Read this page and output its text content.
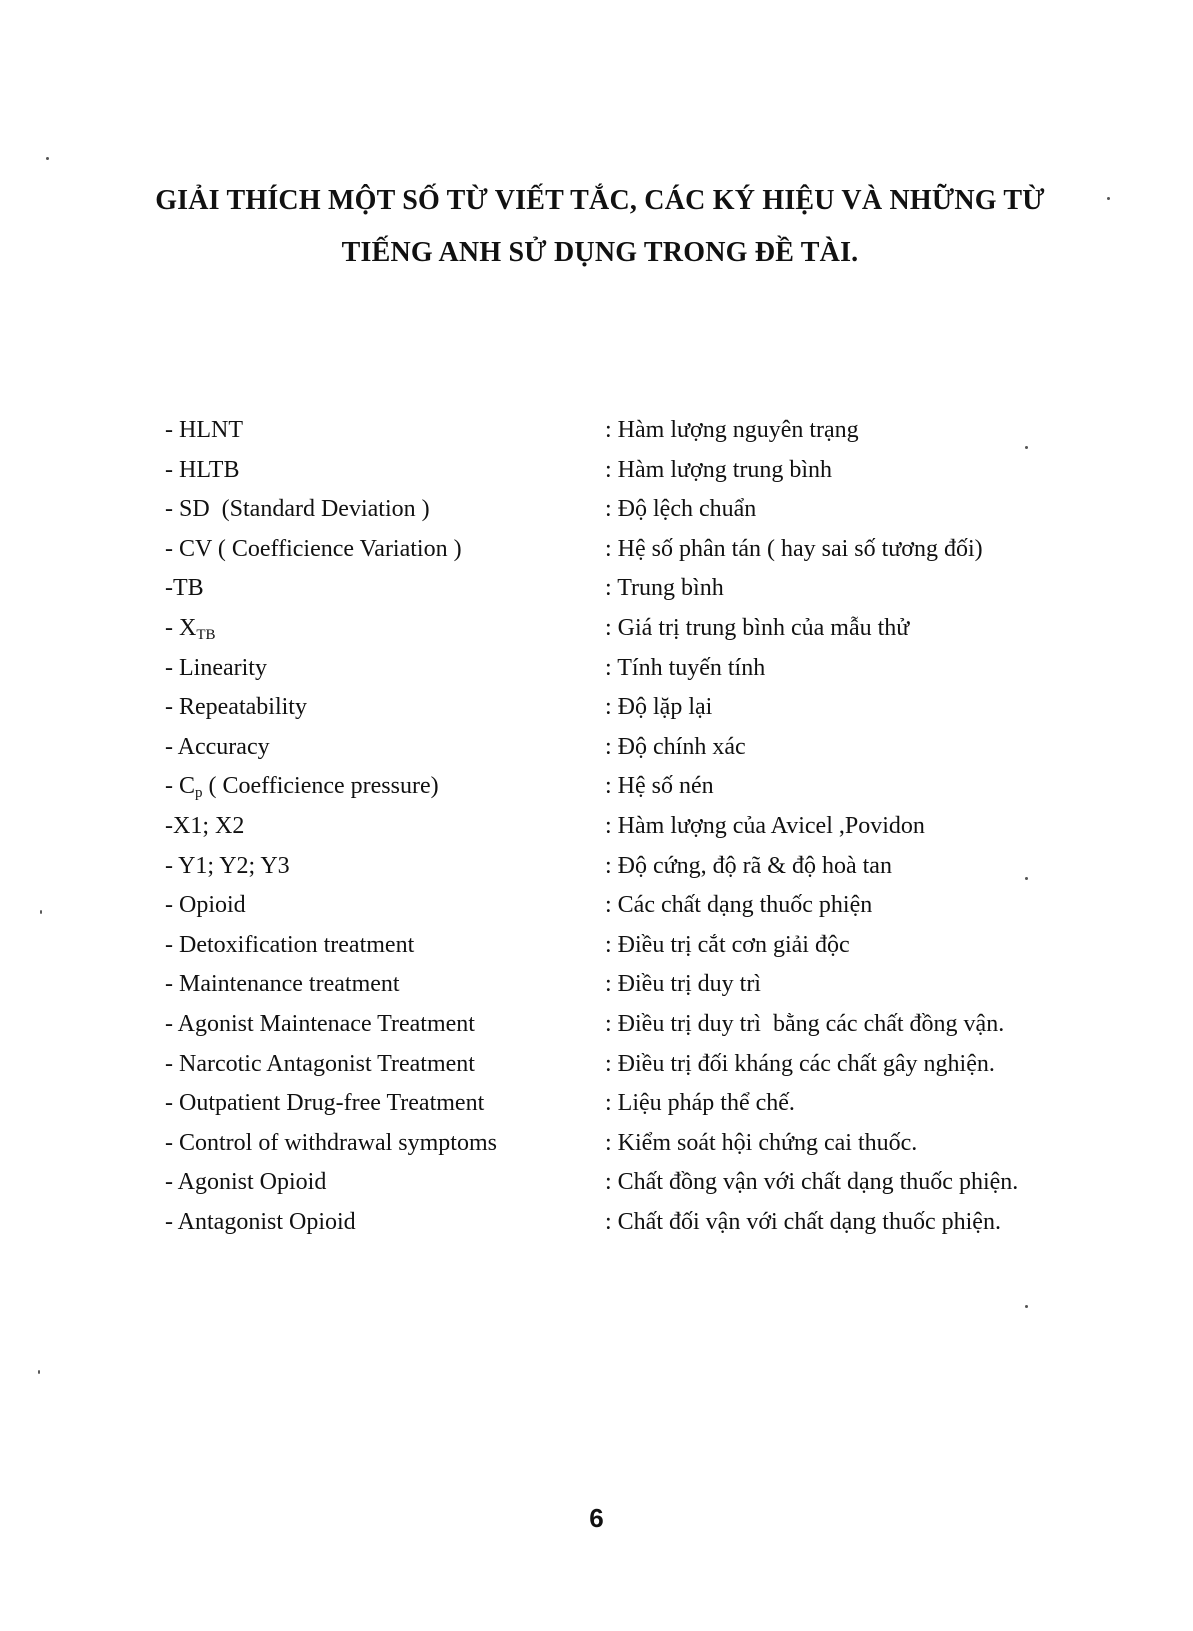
GIẢI THÍCH MỘT SỐ TỪ VIẾT TẮC, CÁC KÝ HIỆU VÀ NHỮNG TỪ
TIẾNG ANH SỬ DỤNG TRONG ĐỀ TÀI.
- HLNT	: Hàm lượng nguyên trạng
- HLTB	: Hàm lượng trung bình
- SD  (Standard Deviation )	: Độ lệch chuẩn
- CV ( Coefficience Variation )	: Hệ số phân tán ( hay sai số tương đối)
-TB	: Trung bình
- $X_{TB}$	: Giá trị trung bình của mẫu thử
- Linearity	: Tính tuyến tính
- Repeatability	: Độ lặp lại
- Accuracy	: Độ chính xác
- $C_p$ ( Coefficience pressure)	: Hệ số nén
-X1; X2	: Hàm lượng của Avicel ,Povidon
- Y1; Y2; Y3	: Độ cứng, độ rã & độ hoà tan
- Opioid	: Các chất dạng thuốc phiện
- Detoxification treatment	: Điều trị cắt cơn giải độc
- Maintenance treatment	: Điều trị duy trì
- Agonist Maintenace Treatment	: Điều trị duy trì  bằng các chất đồng vận.
- Narcotic Antagonist Treatment	: Điều trị đối kháng các chất gây nghiện.
- Outpatient Drug-free Treatment	: Liệu pháp thể chế.
- Control of withdrawal symptoms	: Kiểm soát hội chứng cai thuốc.
- Agonist Opioid	: Chất đồng vận với chất dạng thuốc phiện.
- Antagonist Opioid	: Chất đối vận với chất dạng thuốc phiện.
6
